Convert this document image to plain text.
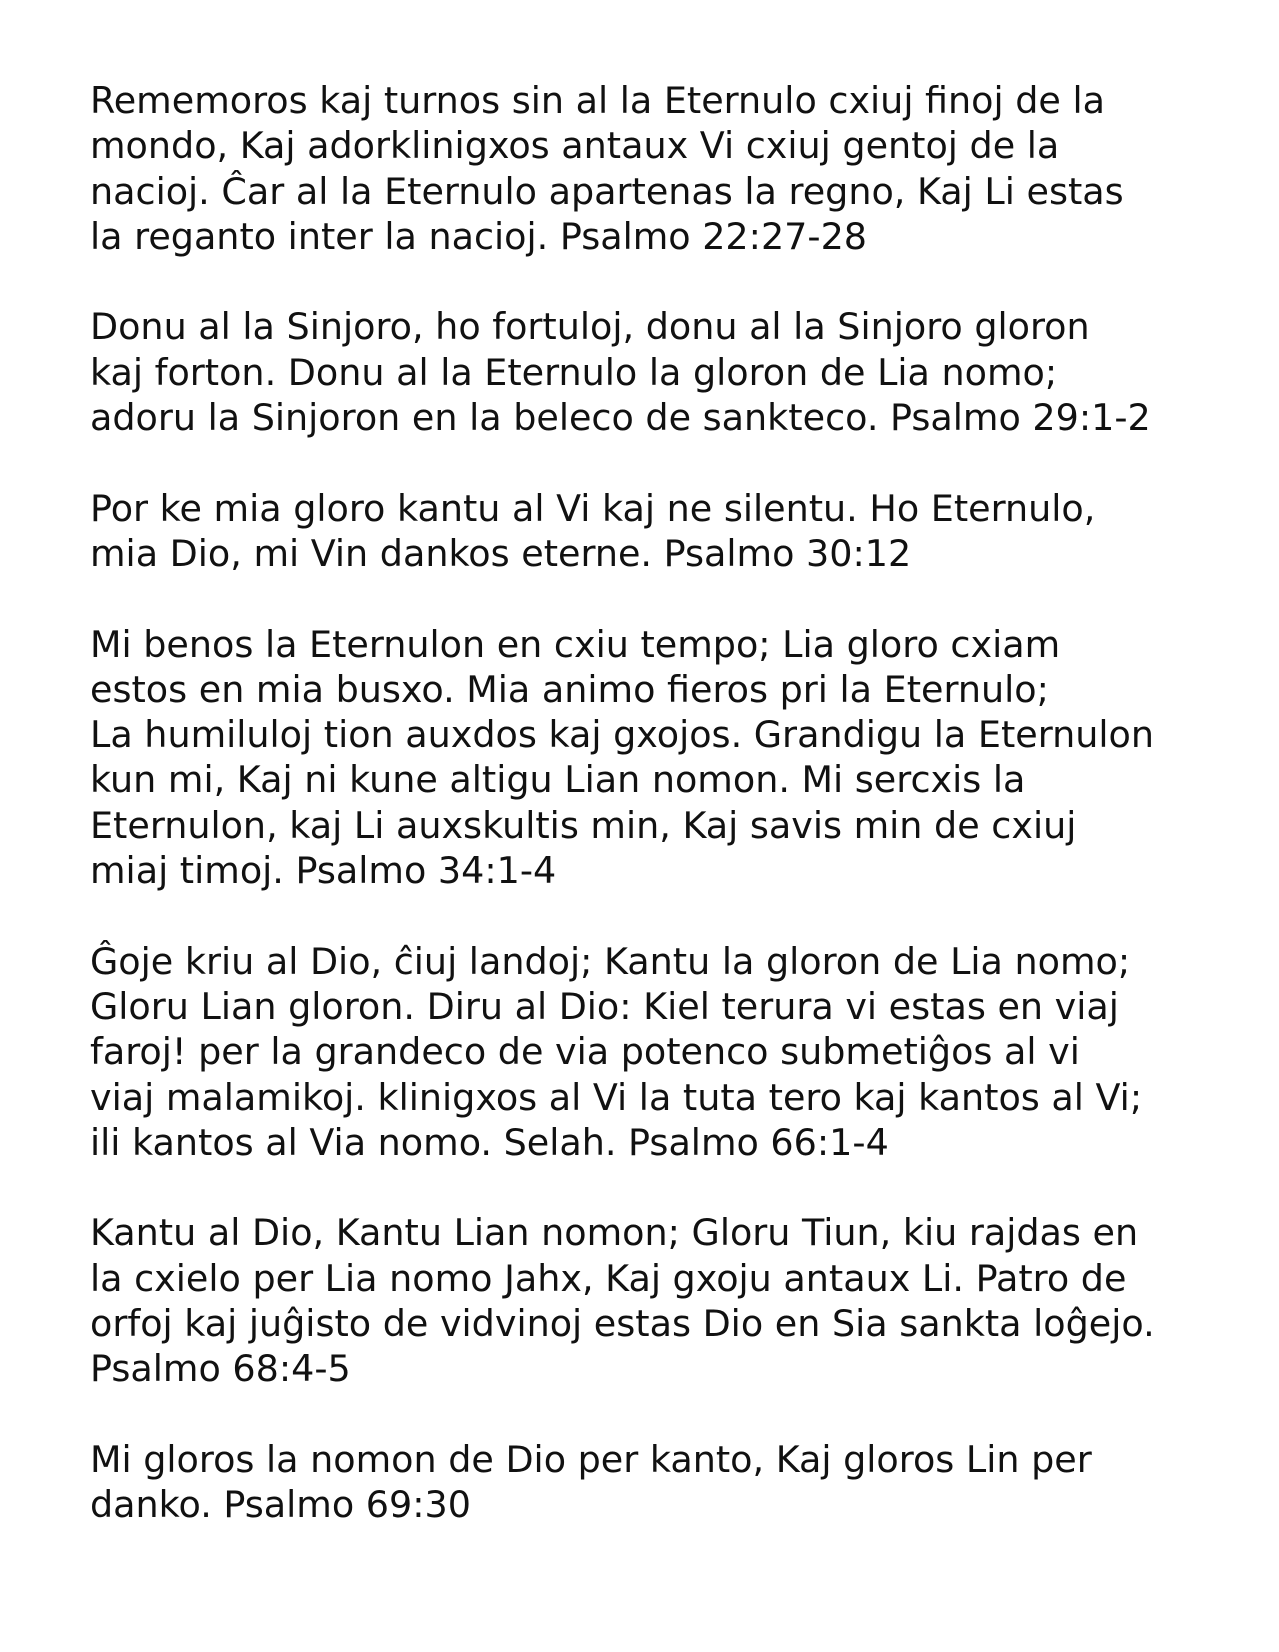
Rememoros kaj turnos sin al la Eternulo cxiuj finoj de la
mondo, Kaj adorklinigxos antaux Vi cxiuj gentoj de la
nacioj. Ĉar al la Eternulo apartenas la regno, Kaj Li estas
la reganto inter la nacioj. Psalmo 22:27-28
Donu al la Sinjoro, ho fortuloj, donu al la Sinjoro gloron
kaj forton. Donu al la Eternulo la gloron de Lia nomo;
adoru la Sinjoron en la beleco de sankteco. Psalmo 29:1-2
Por ke mia gloro kantu al Vi kaj ne silentu. Ho Eternulo,
mia Dio, mi Vin dankos eterne. Psalmo 30:12
Mi benos la Eternulon en cxiu tempo; Lia gloro cxiam
estos en mia busxo. Mia animo fieros pri la Eternulo;
La humiluloj tion auxdos kaj gxojos. Grandigu la Eternulon
kun mi, Kaj ni kune altigu Lian nomon. Mi sercxis la
Eternulon, kaj Li auxskultis min, Kaj savis min de cxiuj
miaj timoj. Psalmo 34:1-4
Ĝoje kriu al Dio, ĉiuj landoj; Kantu la gloron de Lia nomo;
Gloru Lian gloron. Diru al Dio: Kiel terura vi estas en viaj
faroj! per la grandeco de via potenco submetiĝos al vi
viaj malamikoj. klinigxos al Vi la tuta tero kaj kantos al Vi;
ili kantos al Via nomo. Selah. Psalmo 66:1-4
Kantu al Dio, Kantu Lian nomon; Gloru Tiun, kiu rajdas en
la cxielo per Lia nomo Jahx, Kaj gxoju antaux Li. Patro de
orfoj kaj juĝisto de vidvinoj estas Dio en Sia sankta loĝejo.
Psalmo 68:4-5
Mi gloros la nomon de Dio per kanto, Kaj gloros Lin per
danko. Psalmo 69:30
